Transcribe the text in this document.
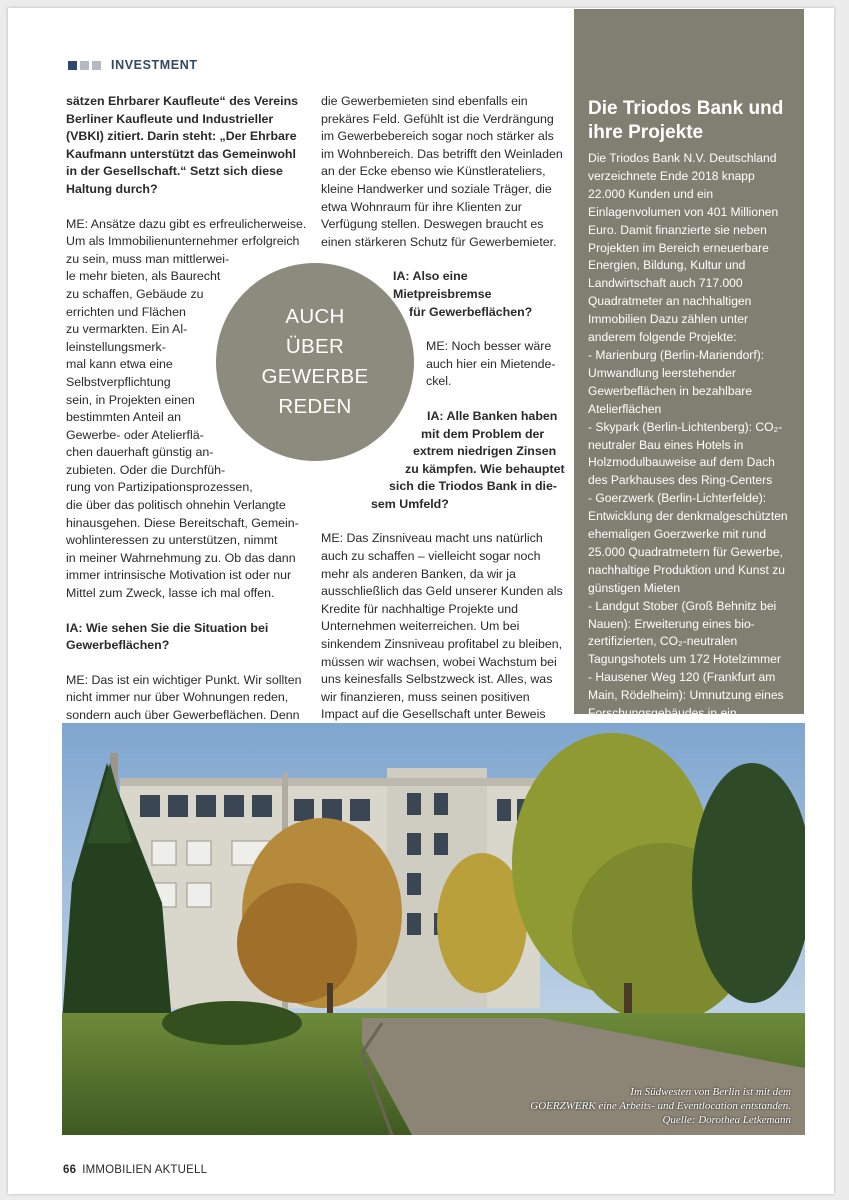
INVESTMENT

sätzen Ehrbarer Kaufleute“ des Vereins Berliner Kaufleute und Industrieller (VBKI) zitiert. Darin steht: „Der Ehrbare Kaufmann unterstützt das Gemeinwohl in der Gesellschaft.“ Setzt sich diese Haltung durch?

ME: Ansätze dazu gibt es erfreulicherweise.
Um als Immobilienunternehmer erfolgreich
zu sein, muss man mittlerwei-
le mehr bieten, als Baurecht
zu schaffen, Gebäude zu
errichten und Flächen
zu vermarkten. Ein Al-
leinstellungsmerk-
mal kann etwa eine
Selbstverpflichtung
sein, in Projekten einen
bestimmten Anteil an
Gewerbe- oder Atelierflä-
chen dauerhaft günstig an-
zubieten. Oder die Durchfüh-
rung von Partizipationsprozessen,
die über das politisch ohnehin Verlangte
hinausgehen. Diese Bereitschaft, Gemein-
wohlinteressen zu unterstützen, nimmt
in meiner Wahrnehmung zu. Ob das dann
immer intrinsische Motivation ist oder nur
Mittel zum Zweck, lasse ich mal offen.

IA: Wie sehen Sie die Situation bei Gewerbeflächen?

ME: Das ist ein wichtiger Punkt. Wir sollten nicht immer nur über Wohnungen reden, sondern auch über Gewerbeflächen. Denn

AUCH
ÜBER
GEWERBE
REDEN

die Gewerbemieten sind ebenfalls ein prekäres Feld. Gefühlt ist die Verdrängung im Gewerbebereich sogar noch stärker als im Wohnbereich. Das betrifft den Weinladen an der Ecke ebenso wie Künstlerateliers, kleine Handwerker und soziale Träger, die etwa Wohnraum für ihre Klienten zur Verfügung stellen. Deswegen braucht es einen stärkeren Schutz für Gewerbemieter.

IA: Also eine Mietpreisbremse
für Gewerbeflächen?
ME: Noch besser wäre
auch hier ein Mietende-
ckel.
IA: Alle Banken haben
mit dem Problem der
extrem niedrigen Zinsen
zu kämpfen. Wie behauptet
sich die Triodos Bank in die-
sem Umfeld?

ME: Das Zinsniveau macht uns natürlich auch zu schaffen – vielleicht sogar noch mehr als anderen Banken, da wir ja ausschließlich das Geld unserer Kunden als Kredite für nachhaltige Projekte und Unternehmen weiterreichen. Um bei sinkendem Zinsniveau profitabel zu bleiben, müssen wir wachsen, wobei Wachstum bei uns keinesfalls Selbstzweck ist. Alles, was wir finanzieren, muss seinen positiven Impact auf die Gesellschaft unter Beweis

Die Triodos Bank und ihre Projekte
Die Triodos Bank N.V. Deutschland verzeichnete Ende 2018 knapp 22.000 Kunden und ein Einlagenvolumen von 401 Millionen Euro. Damit finanzierte sie neben Projekten im Bereich erneuerbare Energien, Bildung, Kultur und Landwirtschaft auch 717.000 Quadratmeter an nachhaltigen Immobilien Dazu zählen unter anderem folgende Projekte:
- Marienburg (Berlin-Mariendorf): Umwandlung leerstehender Gewerbeflächen in bezahlbare Atelierflächen
- Skypark (Berlin-Lichtenberg): CO₂-neutraler Bau eines Hotels in Holzmodulbauweise auf dem Dach des Parkhauses des Ring-Centers
- Goerzwerk (Berlin-Lichterfelde): Entwicklung der denkmalgeschützten ehemaligen Goerzwerke mit rund 25.000 Quadratmetern für Gewerbe, nachhaltige Produktion und Kunst zu günstigen Mieten
- Landgut Stober (Groß Behnitz bei Nauen): Erweiterung eines bio-zertifizierten, CO₂-neutralen Tagungshotels um 172 Hotelzimmer
- Hausener Weg 120 (Frankfurt am Main, Rödelheim): Umnutzung eines Forschungsgebäudes in ein
Im Südwesten von Berlin ist mit dem
GOERZWERK eine Arbeits- und Eventlocation entstanden.
Quelle: Dorothea Letkemann
66 IMMOBILIEN AKTUELL
